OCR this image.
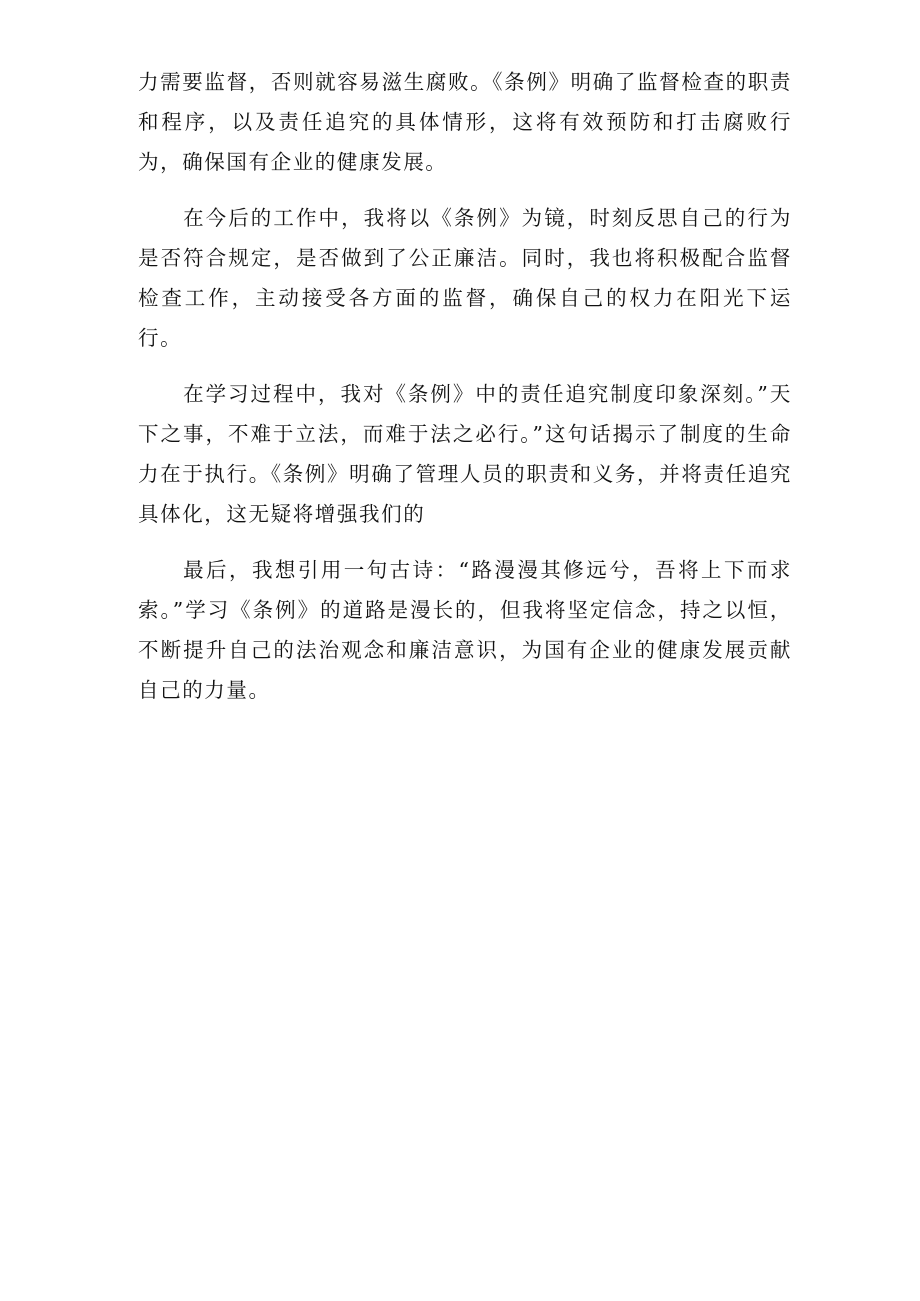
力需要监督，否则就容易滋生腐败。《条例》明确了监督检查的职责和程序，以及责任追究的具体情形，这将有效预防和打击腐败行为，确保国有企业的健康发展。

在今后的工作中，我将以《条例》为镜，时刻反思自己的行为是否符合规定，是否做到了公正廉洁。同时，我也将积极配合监督检查工作，主动接受各方面的监督，确保自己的权力在阳光下运行。

在学习过程中，我对《条例》中的责任追究制度印象深刻。”天下之事，不难于立法，而难于法之必行。”这句话揭示了制度的生命力在于执行。《条例》明确了管理人员的职责和义务，并将责任追究具体化，这无疑将增强我们的

最后，我想引用一句古诗：“路漫漫其修远兮，吾将上下而求索。”学习《条例》的道路是漫长的，但我将坚定信念，持之以恒，不断提升自己的法治观念和廉洁意识，为国有企业的健康发展贡献自己的力量。
